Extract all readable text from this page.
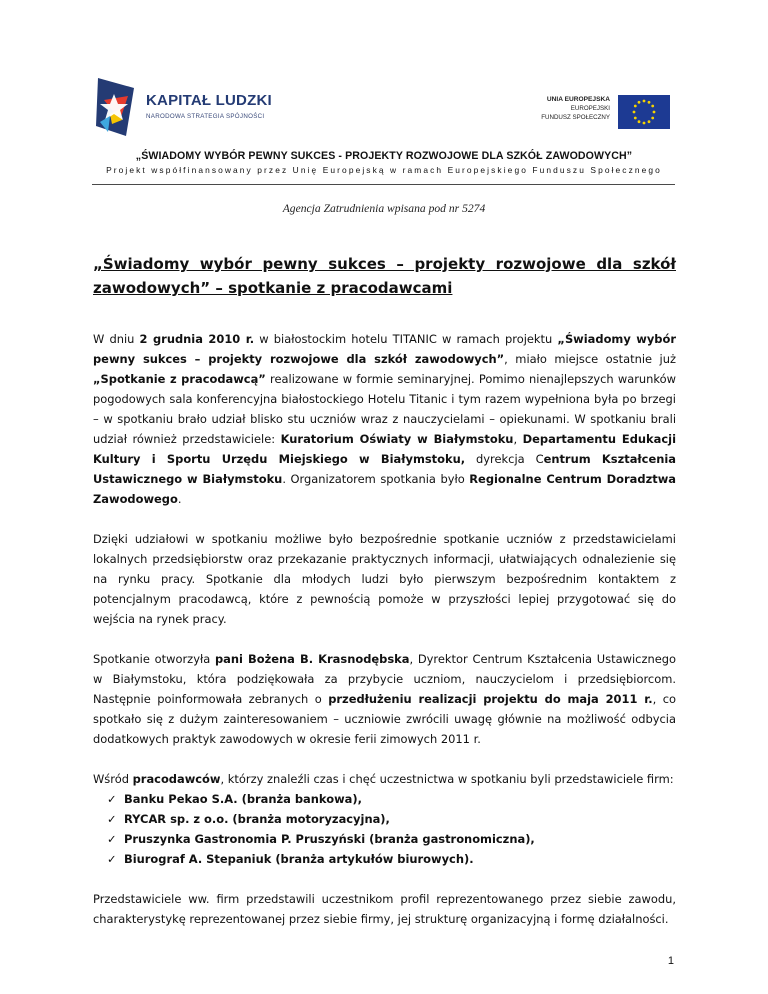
KAPITAŁ LUDZKI
NARODOWA STRATEGIA SPÓJNOŚCI
UNIA EUROPEJSKA
EUROPEJSKI
FUNDUSZ SPOŁECZNY
„ŚWIADOMY WYBÓR PEWNY SUKCES - PROJEKTY ROZWOJOWE DLA SZKÓŁ ZAWODOWYCH”
Projekt współfinansowany przez Unię Europejską w ramach Europejskiego Funduszu Społecznego
Agencja Zatrudnienia wpisana pod nr 5274
„Świadomy wybór pewny sukces – projekty rozwojowe dla szkół zawodowych” – spotkanie z pracodawcami

W dniu 2 grudnia 2010 r. w białostockim hotelu TITANIC w ramach projektu „Świadomy wybór pewny sukces – projekty rozwojowe dla szkół zawodowych”, miało miejsce ostatnie już „Spotkanie z pracodawcą” realizowane w formie seminaryjnej. Pomimo nienajlepszych warunków pogodowych sala konferencyjna białostockiego Hotelu Titanic i tym razem wypełniona była po brzegi – w spotkaniu brało udział blisko stu uczniów wraz z nauczycielami – opiekunami. W spotkaniu brali udział również przedstawiciele: Kuratorium Oświaty w Białymstoku, Departamentu Edukacji Kultury i Sportu Urzędu Miejskiego w Białymstoku, dyrekcja Centrum Kształcenia Ustawicznego w Białymstoku. Organizatorem spotkania było Regionalne Centrum Doradztwa Zawodowego.

Dzięki udziałowi w spotkaniu możliwe było bezpośrednie spotkanie uczniów z przedstawicielami lokalnych przedsiębiorstw oraz przekazanie praktycznych informacji, ułatwiających odnalezienie się na rynku pracy. Spotkanie dla młodych ludzi było pierwszym bezpośrednim kontaktem z potencjalnym pracodawcą, które z pewnością pomoże w przyszłości lepiej przygotować się do wejścia na rynek pracy.

Spotkanie otworzyła pani Bożena B. Krasnodębska, Dyrektor Centrum Kształcenia Ustawicznego w Białymstoku, która podziękowała za przybycie uczniom, nauczycielom i przedsiębiorcom. Następnie poinformowała zebranych o przedłużeniu realizacji projektu do maja 2011 r., co spotkało się z dużym zainteresowaniem – uczniowie zwrócili uwagę głównie na możliwość odbycia dodatkowych praktyk zawodowych w okresie ferii zimowych 2011 r.

Wśród pracodawców, którzy znaleźli czas i chęć uczestnictwa w spotkaniu byli przedstawiciele firm:

✓ Banku Pekao S.A. (branża bankowa),
✓ RYCAR sp. z o.o. (branża motoryzacyjna),
✓ Pruszynka Gastronomia P. Pruszyński (branża gastronomiczna),
✓ Biurograf A. Stepaniuk (branża artykułów biurowych).

Przedstawiciele ww. firm przedstawili uczestnikom profil reprezentowanego przez siebie zawodu, charakterystykę reprezentowanej przez siebie firmy, jej strukturę organizacyjną i formę działalności.

1
